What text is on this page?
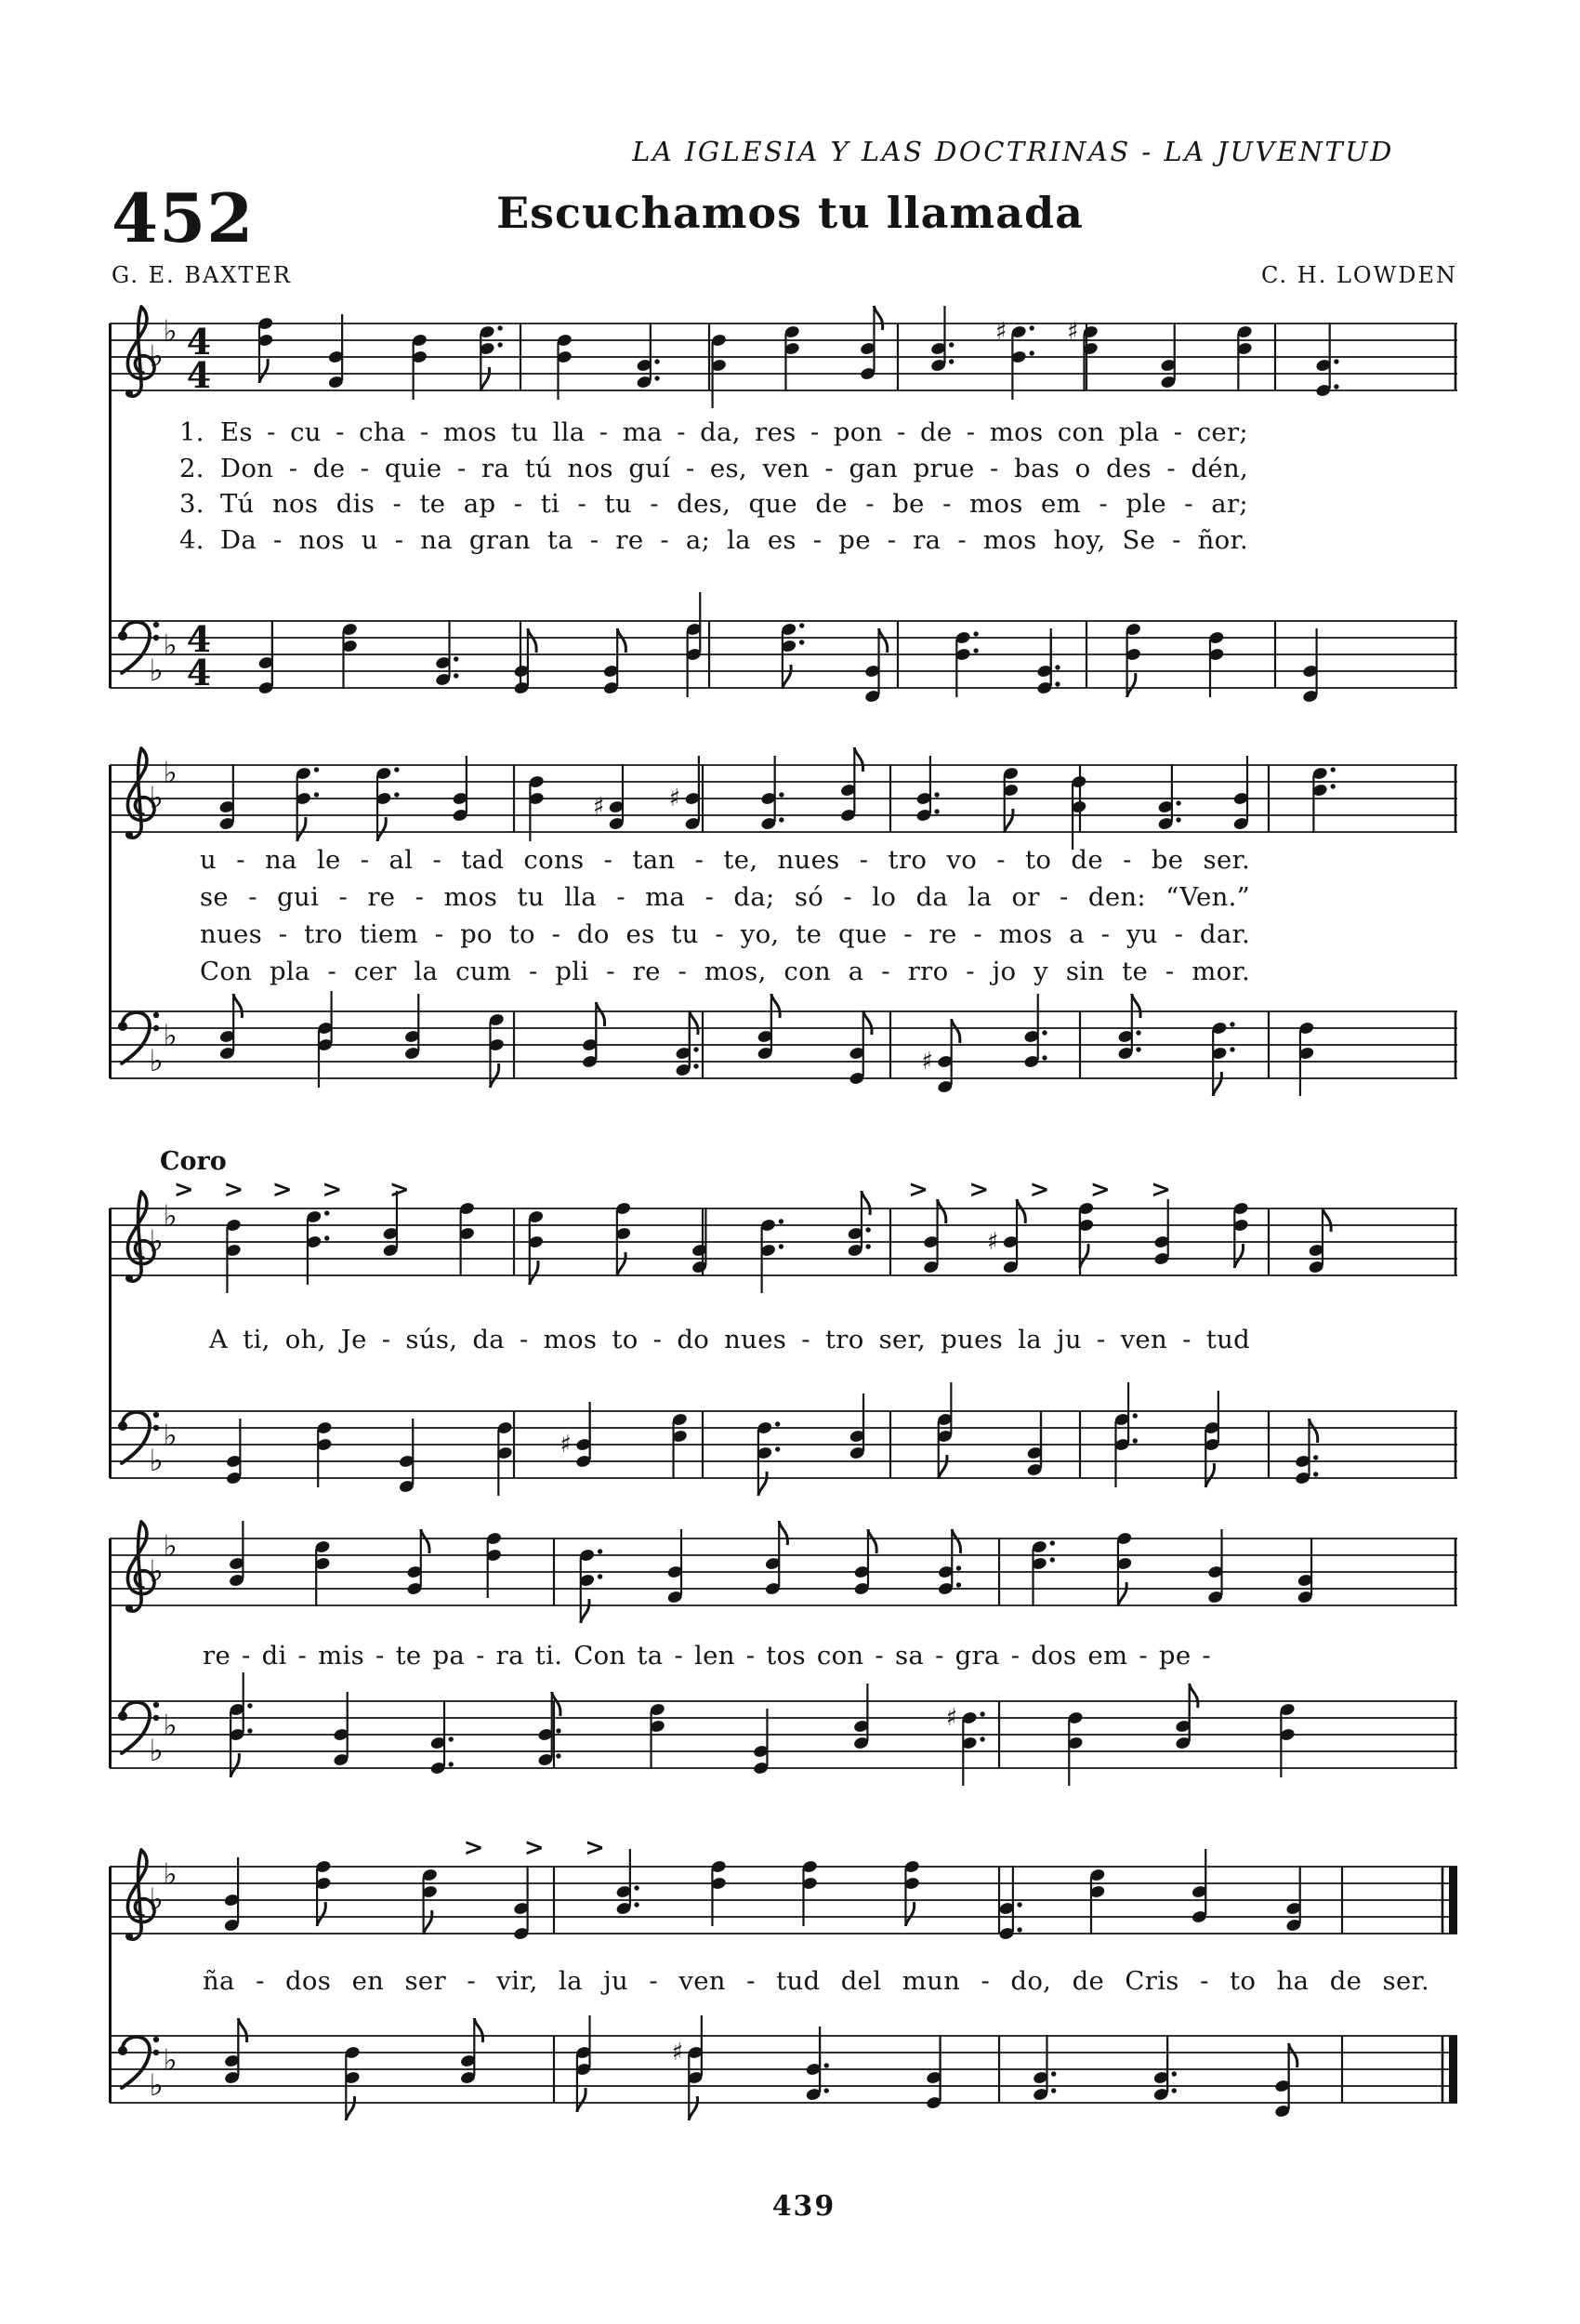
LA IGLESIA Y LAS DOCTRINAS - LA JUVENTUD
452	Escuchamos tu llamada
G. E. BAXTER	C. H. LOWDEN
♭
♭ 4
4
♯ ♯
♭
♭ 4
4
♭
♭
♯	♯
♭
♭
♯
♭
♭
> > > > >	> > > > >
♯
♭
♭	♯
♭
♭
♭
♭	♯
♭
♭
> > >
♭
♭	♯
1. Es - cu - cha - mos tu lla - ma - da, res - pon - de - mos con pla - cer;
2. Don - de - quie - ra tú nos guí - es, ven - gan prue - bas o des - dén,
3. Tú nos dis - te ap - ti - tu - des, que de - be - mos em - ple - ar;
4. Da - nos u - na gran ta - re - a; la es - pe - ra - mos hoy, Se - ñor.
u - na le - al - tad cons - tan - te, nues - tro vo - to de - be ser.
se - gui - re - mos tu lla - ma - da; só - lo da la or - den: “Ven.”
nues - tro tiem - po to - do es tu - yo, te que - re - mos a - yu - dar.
Con pla - cer la cum - pli - re - mos, con a - rro - jo y sin te - mor.
Coro
A ti, oh, Je - sús, da - mos to - do nues - tro ser, pues la ju - ven - tud
re - di - mis - te pa - ra ti. Con ta - len - tos con - sa - gra - dos em - pe -
ña - dos en ser - vir, la ju - ven - tud del mun - do, de Cris - to ha de ser.
439
